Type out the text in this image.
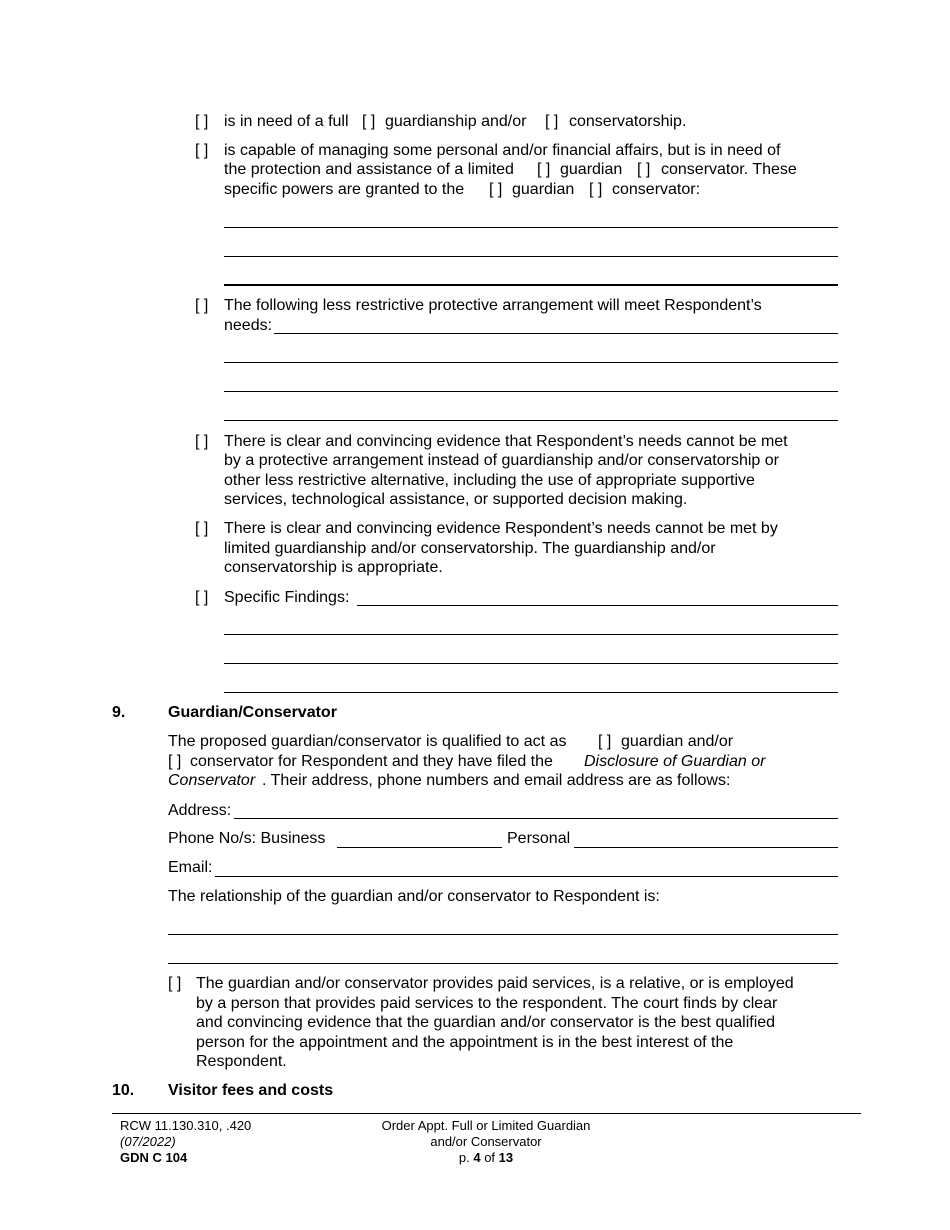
[ ] is in need of a full [ ] guardianship and/or [ ] conservatorship.
[ ] is capable of managing some personal and/or financial affairs, but is in need of
the protection and assistance of a limited [ ] guardian [ ] conservator. These
specific powers are granted to the [ ] guardian [ ] conservator:
[ ] The following less restrictive protective arrangement will meet Respondent’s
needs:
[ ] There is clear and convincing evidence that Respondent’s needs cannot be met
by a protective arrangement instead of guardianship and/or conservatorship or
other less restrictive alternative, including the use of appropriate supportive
services, technological assistance, or supported decision making.
[ ] There is clear and convincing evidence Respondent’s needs cannot be met by
limited guardianship and/or conservatorship. The guardianship and/or
conservatorship is appropriate.
[ ] Specific Findings:
9.	Guardian/Conservator
The proposed guardian/conservator is qualified to act as [ ] guardian and/or
[ ] conservator for Respondent and they have filed the Disclosure of Guardian or
Conservator . Their address, phone numbers and email address are as follows:
Address:
Phone No/s: Business	Personal
Email:
The relationship of the guardian and/or conservator to Respondent is:
[ ] The guardian and/or conservator provides paid services, is a relative, or is employed
by a person that provides paid services to the respondent. The court finds by clear
and convincing evidence that the guardian and/or conservator is the best qualified
person for the appointment and the appointment is in the best interest of the
Respondent.
10. Visitor fees and costs
RCW 11.130.310, .420
(07/2022)
GDN C 104
Order Appt. Full or Limited Guardian
and/or Conservator
p. 4 of 13
